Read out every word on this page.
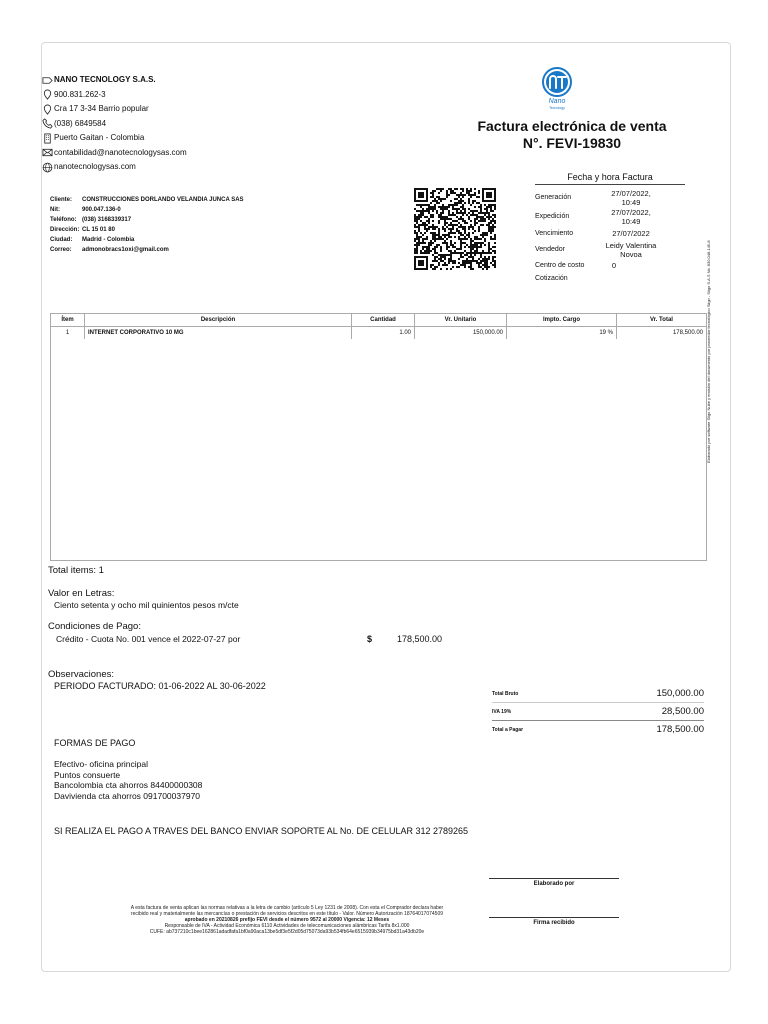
NANO TECNOLOGY S.A.S.
900.831.262-3
Cra 17 3-34 Barrio popular
(038) 6849584
Puerto Gaitan - Colombia
contabilidad@nanotecnologysas.com
nanotecnologysas.com
Nano
Tecnology
Factura electrónica de venta
N°. FEVI-19830
Cliente:	CONSTRUCCIONES DORLANDO VELANDIA JUNCA SAS
Nit:	900.047.136-0
Teléfono: (038) 3168339317
Dirección: CL 15 01 80
Ciudad:	Madrid - Colombia
Correo:	admonobracs1oxi@gmail.com
Fecha y hora Factura
Generación	27/07/2022, 10:49
Expedición	27/07/2022, 10:49
Vencimiento	27/07/2022
Vendedor	Leidy Valentina Novoa
Centro de costo	0
Cotización
Ítem	Descripción	Cantidad	Vr. Unitario	Impto. Cargo	Vr. Total
1	INTERNET CORPORATIVO 10 MG	1.00	150,000.00	19 %	178,500.00 Elaborado por software Siigo Nube y emisión del documento por proveedor tecnológico Siigo - Siigo S.A.S Nit. 830.048.145-8
Total items: 1
Valor en Letras:
Ciento setenta y ocho mil quinientos pesos m/cte
Condiciones de Pago:
Crédito - Cuota No. 001 vence el 2022-07-27 por	$	178,500.00
Observaciones:
PERIODO FACTURADO: 01-06-2022 AL 30-06-2022
Total Bruto	150,000.00
IVA 19%	28,500.00
Total a Pagar	178,500.00
FORMAS DE PAGO
Efectivo- oficina principal
Puntos consuerte
Bancolombia cta ahorros 84400000308
Davivienda cta ahorros 091700037970
SI REALIZA EL PAGO A TRAVES DEL BANCO ENVIAR SOPORTE AL No. DE CELULAR 312 2789265
Elaborado por
Firma recibido
A esta factura de venta aplican las normas relativas a la letra de cambio (artículo 5 Ley 1231 de 2008). Con esta el Comprador declara haber
recibido real y materialmente las mercancías o prestación de servicios descritos en este título - Valor. Número Autorización 18764017074509
aprobado en 20210826 prefijo FEVI desde el número 9572 al 20000 Vigencia: 12 Meses
Responsable de IVA - Actividad Económica 6110 Actividades de telecomunicaciones alámbricas Tarifa 8x1.000
CUFE: ab737210c1bee162861adadfafa1bf0a90aca13be5df3e5f2d05d75073da93b534fb64e6515939b34975bd31a43db20e
